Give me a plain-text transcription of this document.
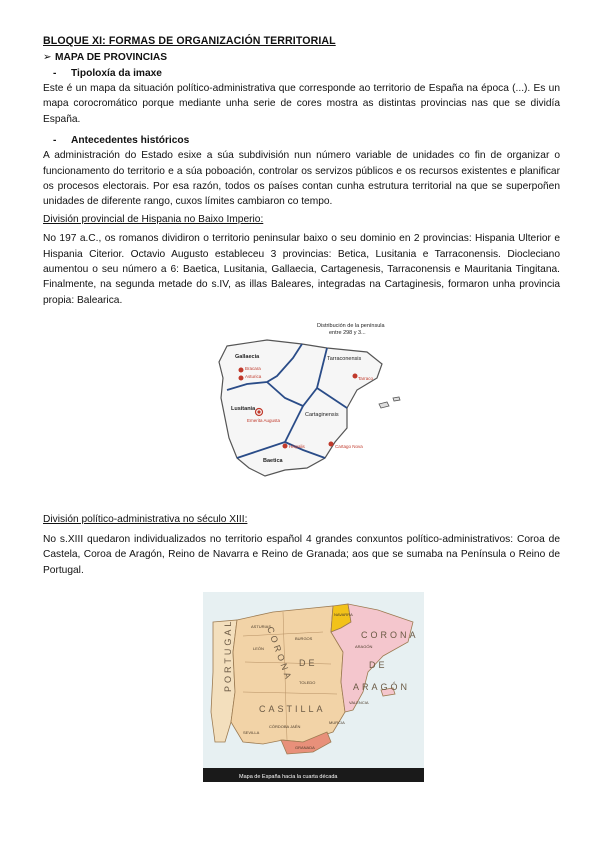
BLOQUE XI: FORMAS DE ORGANIZACIÓN TERRITORIAL
➢ MAPA DE PROVINCIAS
- Tipoloxía da imaxe

Este é un mapa da situación político-administrativa que corresponde ao territorio de España na época (...). Es un mapa corocromático porque mediante unha serie de cores mostra as distintas provincias nas que se dividía España.

- Antecedentes históricos

A administración do Estado esixe a súa subdivisión nun número variable de unidades co fin de organizar o funcionamento do territorio e a súa poboación, controlar os servizos públicos e os recursos existentes e planificar os procesos electorais. Por esa razón, todos os países contan cunha estrutura territorial na que se superpoñen unidades de diferente rango, cuxos límites cambiaron co tempo.

División provincial de Hispania no Baixo Imperio:

No 197 a.C., os romanos dividiron o territorio peninsular baixo o seu dominio en 2 provincias: Hispania Ulterior e Hispania Citerior. Octavio Augusto estableceu 3 provincias: Betica, Lusitania e Tarraconensis. Diocleciano aumentou o seu número a 6: Baetica, Lusitania, Gallaecia, Cartagenesis, Tarraconensis e Mauritania Tingitana. Finalmente, na segunda metade do s.IV, as illas Baleares, integradas na Cartaginesis, formaron unha provincia propia: Balearica.

Distribución de la península
entre 298 y 3...
Gallaecia	Tarraconensis
Lusitania
Cartaginensis
Baetica
Bracara
Asturica	Tarraco
Emerita Augusta
Hispalis	Cartago Nova

División político-administrativa no século XIII:

No s.XIII quedaron individualizados no territorio español 4 grandes conxuntos político-administrativos: Coroa de Castela, Coroa de Aragón, Reino de Navarra e Reino de Granada; aos que se sumaba na Península o Reino de Portugal.

PORTUGAL	CORONA DE
CASTILLA
CORONA
DE
ARAGÓN
NAVARRA
GRANADA
ASTURIAS
LEÓN
BURGOS
ARAGÓN
TOLEDO
MURCIA
CÓRDOBA JAÉN
SEVILLA
VALENCIA
Mapa de España hacia la cuarta década
